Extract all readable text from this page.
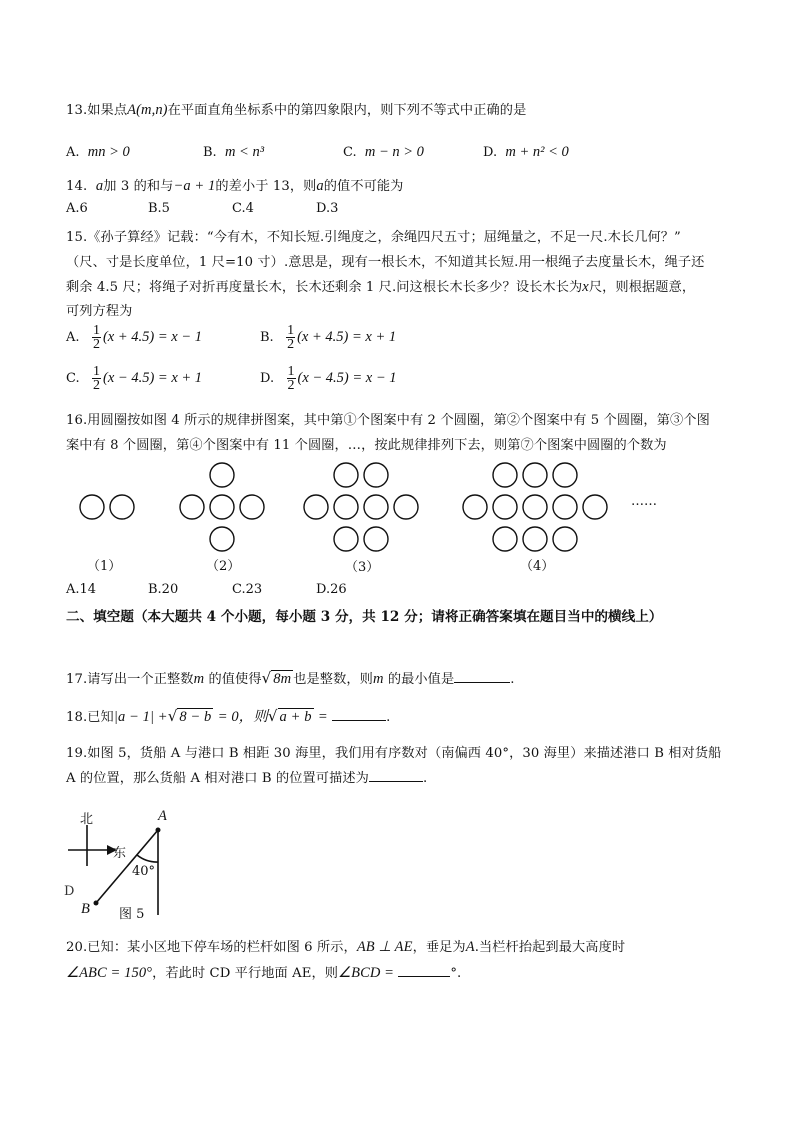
13.如果点A(m,n)在平面直角坐标系中的第四象限内，则下列不等式中正确的是
A. mn > 0	B. m < n³	C. m − n > 0	D. m + n² < 0
14. a加 3 的和与−a + 1的差小于 13，则a的值不可能为
A.6	B.5	C.4	D.3
15.《孙子算经》记载：“今有木，不知长短.引绳度之，余绳四尺五寸；屈绳量之，不足一尺.木长几何？”
（尺、寸是长度单位，1 尺=10 寸）.意思是，现有一根长木，不知道其长短.用一根绳子去度量长木，绳子还
剩余 4.5 尺；将绳子对折再度量长木，长木还剩余 1 尺.问这根长木长多少？设长木长为x尺，则根据题意，
可列方程为
A. $\frac{1}{2} (x + 4.5) = x - 1$	B. $\frac{1}{2} (x + 4.5) = x + 1$
C. $\frac{1}{2} (x - 4.5) = x + 1$	D. $\frac{1}{2} (x - 4.5) = x - 1$
16.用圆圈按如图 4 所示的规律拼图案，其中第①个图案中有 2 个圆圈，第②个图案中有 5 个圆圈，第③个图
案中有 8 个圆圈，第④个图案中有 11 个圆圈，…，按此规律排列下去，则第⑦个图案中圆圈的个数为
……
（1）	（2）	（3）	（4）
A.14	B.20	C.23	D.26
二、填空题（本大题共 4 个小题，每小题 3 分，共 12 分；请将正确答案填在题目当中的横线上）
17.请写出一个正整数m 的值使得√ 8m 也是整数，则m 的最小值是	.
18.已知|a − 1| +√ 8 − b = 0，则√ a + b =	.
19.如图 5，货船 A 与港口 B 相距 30 海里，我们用有序数对（南偏西 40°，30 海里）来描述港口 B 相对货船
A 的位置，那么货船 A 相对港口 B 的位置可描述为	.
北
东
A
B
40°
图 5
D
20.已知：某小区地下停车场的栏杆如图 6 所示，AB ⊥ AE，垂足为A.当栏杆抬起到最大高度时
∠ABC = 150°，若此时 CD 平行地面 AE，则∠BCD =	°.
